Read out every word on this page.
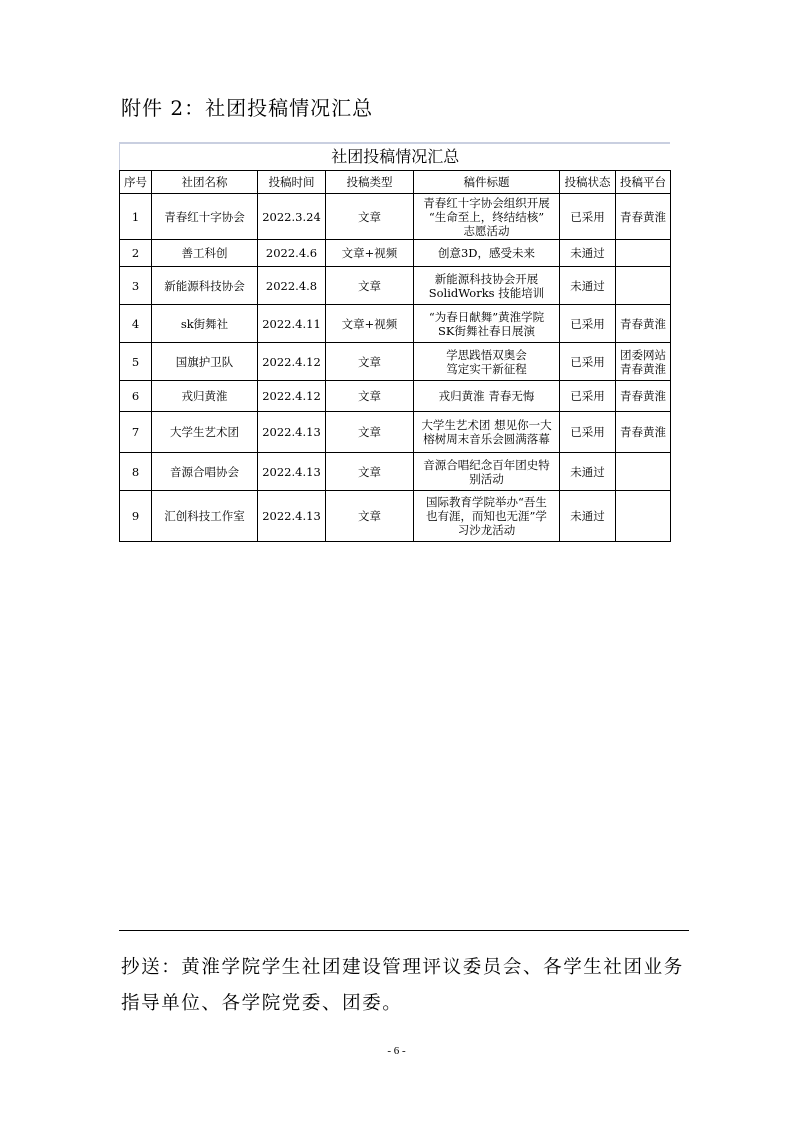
附件 2：社团投稿情况汇总
社团投稿情况汇总						
序号	社团名称	投稿时间	投稿类型	稿件标题	投稿状态	投稿平台
1	青春红十字协会	2022.3.24	文章	青春红十字协会组织开展
“生命至上，终结结核”
志愿活动	已采用	青春黄淮
2	善工科创	2022.4.6	文章+视频	创意3D，感受未来	未通过	
3	新能源科技协会	2022.4.8	文章	新能源科技协会开展
SolidWorks 技能培训	未通过	
4	sk街舞社	2022.4.11	文章+视频	“为春日献舞”黄淮学院
SK街舞社春日展演	已采用	青春黄淮
5	国旗护卫队	2022.4.12	文章	学思践悟双奥会
笃定实干新征程	已采用	团委网站
青春黄淮
6	戎归黄淮	2022.4.12	文章	戎归黄淮 青春无悔	已采用	青春黄淮
7	大学生艺术团	2022.4.13	文章	大学生艺术团 想见你一大
榕树周末音乐会圆满落幕	已采用	青春黄淮
8	音源合唱协会	2022.4.13	文章	音源合唱纪念百年团史特
别活动	未通过	
9	汇创科技工作室	2022.4.13	文章	国际教育学院举办“吾生
也有涯，而知也无涯”学
习沙龙活动	未通过	
抄送：黄淮学院学生社团建设管理评议委员会、各学生社团业务指导单位、各学院党委、团委。
- 6 -
